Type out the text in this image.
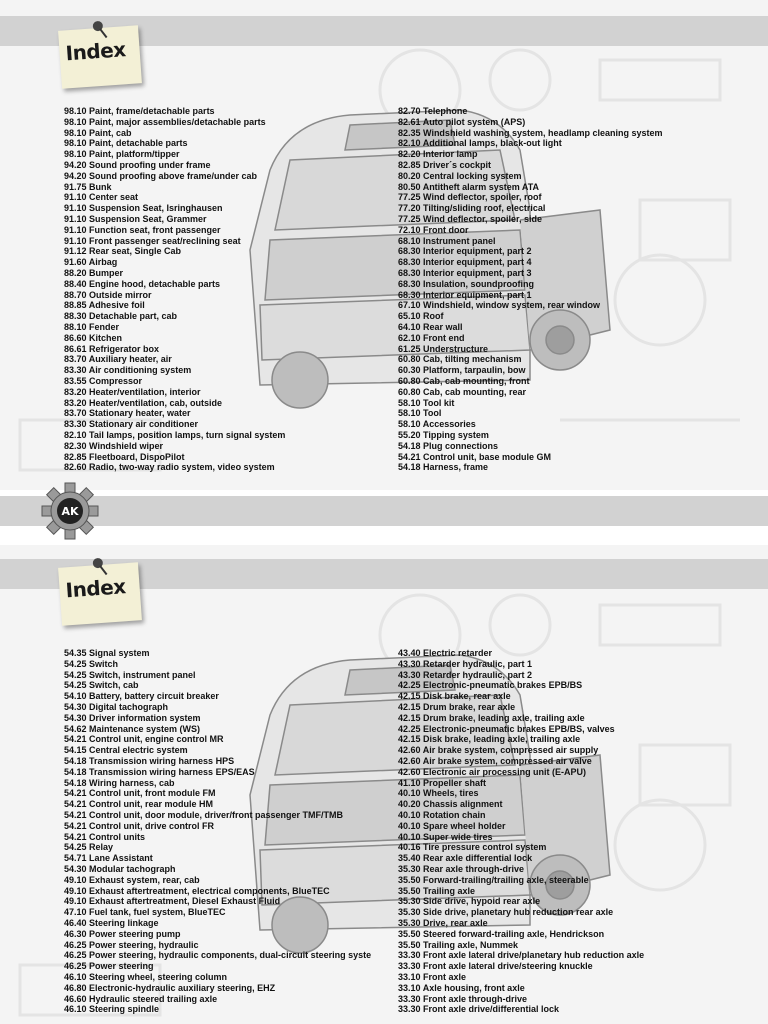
Index
98.10 Paint, frame/detachable parts
98.10 Paint, major assemblies/detachable parts
98.10 Paint, cab
98.10 Paint, detachable parts
98.10 Paint, platform/tipper
94.20 Sound proofing under frame
94.20 Sound proofing above frame/under cab
91.75 Bunk
91.10 Center seat
91.10 Suspension Seat, Isringhausen
91.10 Suspension Seat, Grammer
91.10 Function seat, front passenger
91.10 Front passenger seat/reclining seat
91.12 Rear seat, Single Cab
91.60 Airbag
88.20 Bumper
88.40 Engine hood, detachable parts
88.70 Outside mirror
88.85 Adhesive foil
88.30 Detachable part, cab
88.10 Fender
86.60 Kitchen
86.61 Refrigerator box
83.70 Auxiliary heater, air
83.30 Air conditioning system
83.55 Compressor
83.20 Heater/ventilation, interior
83.20 Heater/ventilation, cab, outside
83.70 Stationary heater, water
83.30 Stationary air conditioner
82.10 Tail lamps, position lamps, turn signal system
82.30 Windshield wiper
82.85 Fleetboard, DispoPilot
82.60 Radio, two-way radio system, video system
82.70 Telephone
82.61 Auto pilot system (APS)
82.35 Windshield washing system, headlamp cleaning system
82.10 Additional lamps, black-out light
82.20 Interior lamp
82.85 Driver´s cockpit
80.20 Central locking system
80.50 Antitheft alarm system ATA
77.25 Wind deflector, spoiler, roof
77.20 Tilting/sliding roof, electrical
77.25 Wind deflector, spoiler, side
72.10 Front door
68.10 Instrument panel
68.30 Interior equipment, part 2
68.30 Interior equipment, part 4
68.30 Interior equipment, part 3
68.30 Insulation, soundproofing
68.30 Interior equipment, part 1
67.10 Windshield, window system, rear window
65.10 Roof
64.10 Rear wall
62.10 Front end
61.25 Understructure
60.80 Cab, tilting mechanism
60.30 Platform, tarpaulin, bow
60.80 Cab, cab mounting, front
60.80 Cab, cab mounting, rear
58.10 Tool kit
58.10 Tool
58.10 Accessories
55.20 Tipping system
54.18 Plug connections
54.21 Control unit, base module GM
54.18 Harness, frame
AK
Index
54.35 Signal system
54.25 Switch
54.25 Switch, instrument panel
54.25 Switch, cab
54.10 Battery, battery circuit breaker
54.30 Digital tachograph
54.30 Driver information system
54.62 Maintenance system (WS)
54.21 Control unit, engine control MR
54.15 Central electric system
54.18 Transmission wiring harness HPS
54.18 Transmission wiring harness EPS/EAS
54.18 Wiring harness, cab
54.21 Control unit, front module FM
54.21 Control unit, rear module HM
54.21 Control unit, door module, driver/front passenger TMF/TMB
54.21 Control unit, drive control FR
54.21 Control units
54.25 Relay
54.71 Lane Assistant
54.30 Modular tachograph
49.10 Exhaust system, rear, cab
49.10 Exhaust aftertreatment, electrical components, BlueTEC
49.10 Exhaust aftertreatment, Diesel Exhaust Fluid
47.10 Fuel tank, fuel system, BlueTEC
46.40 Steering linkage
46.30 Power steering pump
46.25 Power steering, hydraulic
46.25 Power steering, hydraulic components, dual-circuit steering syste
46.25 Power steering
46.10 Steering wheel, steering column
46.80 Electronic-hydraulic auxiliary steering, EHZ
46.60 Hydraulic steered trailing axle
46.10 Steering spindle
43.40 Electric retarder
43.30 Retarder hydraulic, part 1
43.30 Retarder hydraulic, part 2
42.25 Electronic-pneumatic brakes EPB/BS
42.15 Disk brake, rear axle
42.15 Drum brake, rear axle
42.15 Drum brake, leading axle, trailing axle
42.25 Electronic-pneumatic brakes EPB/BS, valves
42.15 Disk brake, leading axle, trailing axle
42.60 Air brake system, compressed air supply
42.60 Air brake system, compressed air valve
42.60 Electronic air processing unit (E-APU)
41.10 Propeller shaft
40.10 Wheels, tires
40.20 Chassis alignment
40.10 Rotation chain
40.10 Spare wheel holder
40.10 Super wide tires
40.16 Tire pressure control system
35.40 Rear axle differential lock
35.30 Rear axle through-drive
35.50 Forward-trailing/trailing axle, steerable
35.50 Trailing axle
35.30 Side drive, hypoid rear axle
35.30 Side drive, planetary hub reduction rear axle
35.30 Drive, rear axle
35.50 Steered forward-trailing axle, Hendrickson
35.50 Trailing axle, Nummek
33.30 Front axle lateral drive/planetary hub reduction axle
33.30 Front axle lateral drive/steering knuckle
33.10 Front axle
33.10 Axle housing, front axle
33.30 Front axle through-drive
33.30 Front axle drive/differential lock
